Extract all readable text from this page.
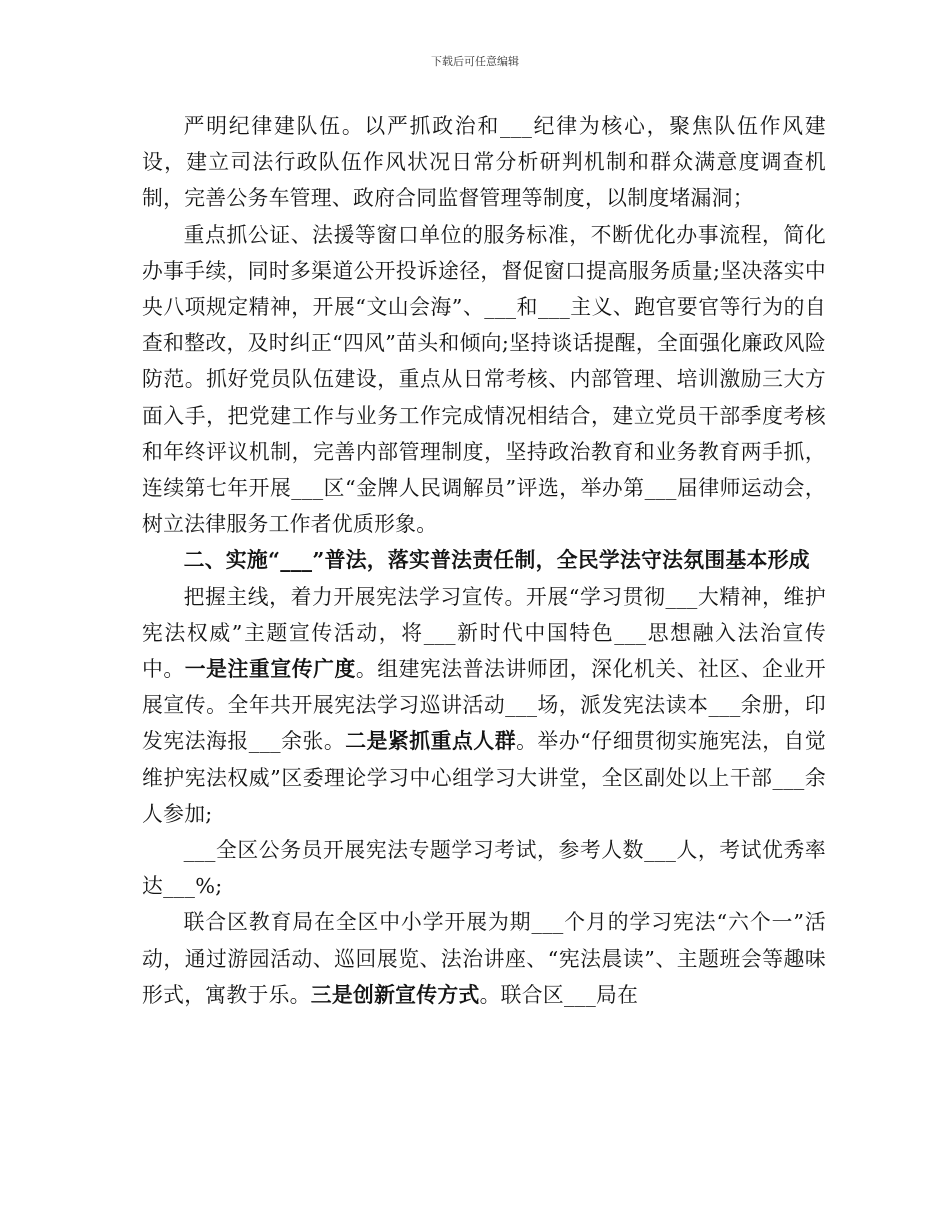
下载后可任意编辑

严明纪律建队伍。以严抓政治和___纪律为核心，聚焦队伍作风建设，建立司法行政队伍作风状况日常分析研判机制和群众满意度调查机制，完善公务车管理、政府合同监督管理等制度，以制度堵漏洞；

重点抓公证、法援等窗口单位的服务标准，不断优化办事流程，简化办事手续，同时多渠道公开投诉途径，督促窗口提高服务质量;坚决落实中央八项规定精神，开展“文山会海”、___和___主义、跑官要官等行为的自查和整改，及时纠正“四风”苗头和倾向;坚持谈话提醒，全面强化廉政风险防范。抓好党员队伍建设，重点从日常考核、内部管理、培训激励三大方面入手，把党建工作与业务工作完成情况相结合，建立党员干部季度考核和年终评议机制，完善内部管理制度，坚持政治教育和业务教育两手抓，连续第七年开展___区“金牌人民调解员”评选，举办第___届律师运动会，树立法律服务工作者优质形象。

二、实施“___”普法，落实普法责任制，全民学法守法氛围基本形成

把握主线，着力开展宪法学习宣传。开展“学习贯彻___大精神，维护宪法权威”主题宣传活动，将___新时代中国特色___思想融入法治宣传中。一是注重宣传广度。组建宪法普法讲师团，深化机关、社区、企业开展宣传。全年共开展宪法学习巡讲活动___场，派发宪法读本___余册，印发宪法海报___余张。二是紧抓重点人群。举办“仔细贯彻实施宪法，自觉维护宪法权威”区委理论学习中心组学习大讲堂，全区副处以上干部___余人参加;

___全区公务员开展宪法专题学习考试，参考人数___人，考试优秀率达___%;

联合区教育局在全区中小学开展为期___个月的学习宪法“六个一”活动，通过游园活动、巡回展览、法治讲座、“宪法晨读”、主题班会等趣味形式，寓教于乐。三是创新宣传方式。联合区___局在
